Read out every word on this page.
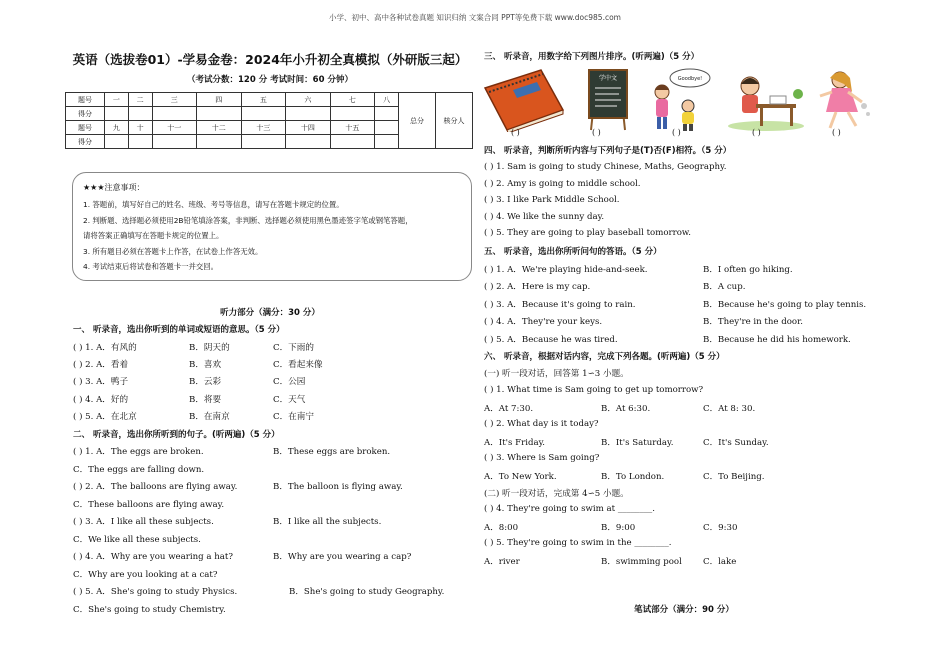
小学、初中、高中各种试卷真题 知识归纳 文案合同 PPT等免费下载 www.doc985.com
英语（选拔卷01）-学易金卷：2024年小升初全真模拟（外研版三起）
（考试分数：120 分 考试时间：60 分钟）
题号	一	二	三	四	五	六	七	八	总分	核分人
得分										
题号	九	十	十一	十二	十三	十四	十五			
得分										
★★★注意事项：
1. 答题前，填写好自己的姓名、班级、考号等信息，请写在答题卡规定的位置。
2. 判断题、选择题必须使用2B铅笔填涂答案，非判断、选择题必须使用黑色墨迹签字笔或钢笔答题，
请将答案正确填写在答题卡规定的位置上。
3. 所有题目必须在答题卡上作答，在试卷上作答无效。
4. 考试结束后将试卷和答题卡一并交回。
听力部分（满分：30 分）
一、 听录音，选出你听到的单词或短语的意思。（5 分）
( ) 1. A．有风的	B．阴天的	C．下雨的
( ) 2. A．看着	B．喜欢	C．看起来像
( ) 3. A．鸭子	B．云彩	C．公园
( ) 4. A．好的	B．将要	C．天气
( ) 5. A．在北京	B．在南京	C．在南宁
二、 听录音，选出你所听到的句子。(听两遍)（5 分）
( ) 1. A．The eggs are broken.	B．These eggs are broken.
C．The eggs are falling down.
( ) 2. A．The balloons are flying away.	B．The balloon is flying away.
C．These balloons are flying away.
( ) 3. A．I like all these subjects.	B．I like all the subjects.
C．We like all these subjects.
( ) 4. A．Why are you wearing a hat?	B．Why are you wearing a cap?
C．Why are you looking at a cat?
( ) 5. A．She's going to study Physics.	B．She's going to study Geography.
C．She's going to study Chemistry.
三、 听录音，用数字给下列图片排序。(听两遍)（5 分）
学中文	Goodbye!
( )	( )	( )	( )	( )
四、 听录音，判断所听内容与下列句子是(T)否(F)相符。（5 分）
( ) 1. Sam is going to study Chinese, Maths, Geography.
( ) 2. Amy is going to middle school.
( ) 3. I like Park Middle School.
( ) 4. We like the sunny day.
( ) 5. They are going to play baseball tomorrow.
五、 听录音，选出你所听问句的答语。（5 分）
( ) 1. A．We're playing hide-and-seek.	B．I often go hiking.
( ) 2. A．Here is my cap.	B．A cup.
( ) 3. A．Because it's going to rain.	B．Because he's going to play tennis.
( ) 4. A．They're your keys.	B．They're in the door.
( ) 5. A．Because he was tired.	B．Because he did his homework.
六、 听录音，根据对话内容，完成下列各题。(听两遍)（5 分）
(一) 听一段对话，回答第 1∽3 小题。
( ) 1. What time is Sam going to get up tomorrow?
A．At 7:30.	B．At 6:30.	C．At 8: 30.
( ) 2. What day is it today?
A．It's Friday.	B．It's Saturday.	C．It's Sunday.
( ) 3. Where is Sam going?
A．To New York.	B．To London.	C．To Beijing.
(二) 听一段对话，完成第 4∽5 小题。
( ) 4. They're going to swim at ________.
A．8:00	B．9:00	C．9:30
( ) 5. They're going to swim in the ________.
A．river	B．swimming pool C．lake
笔试部分（满分：90 分）
